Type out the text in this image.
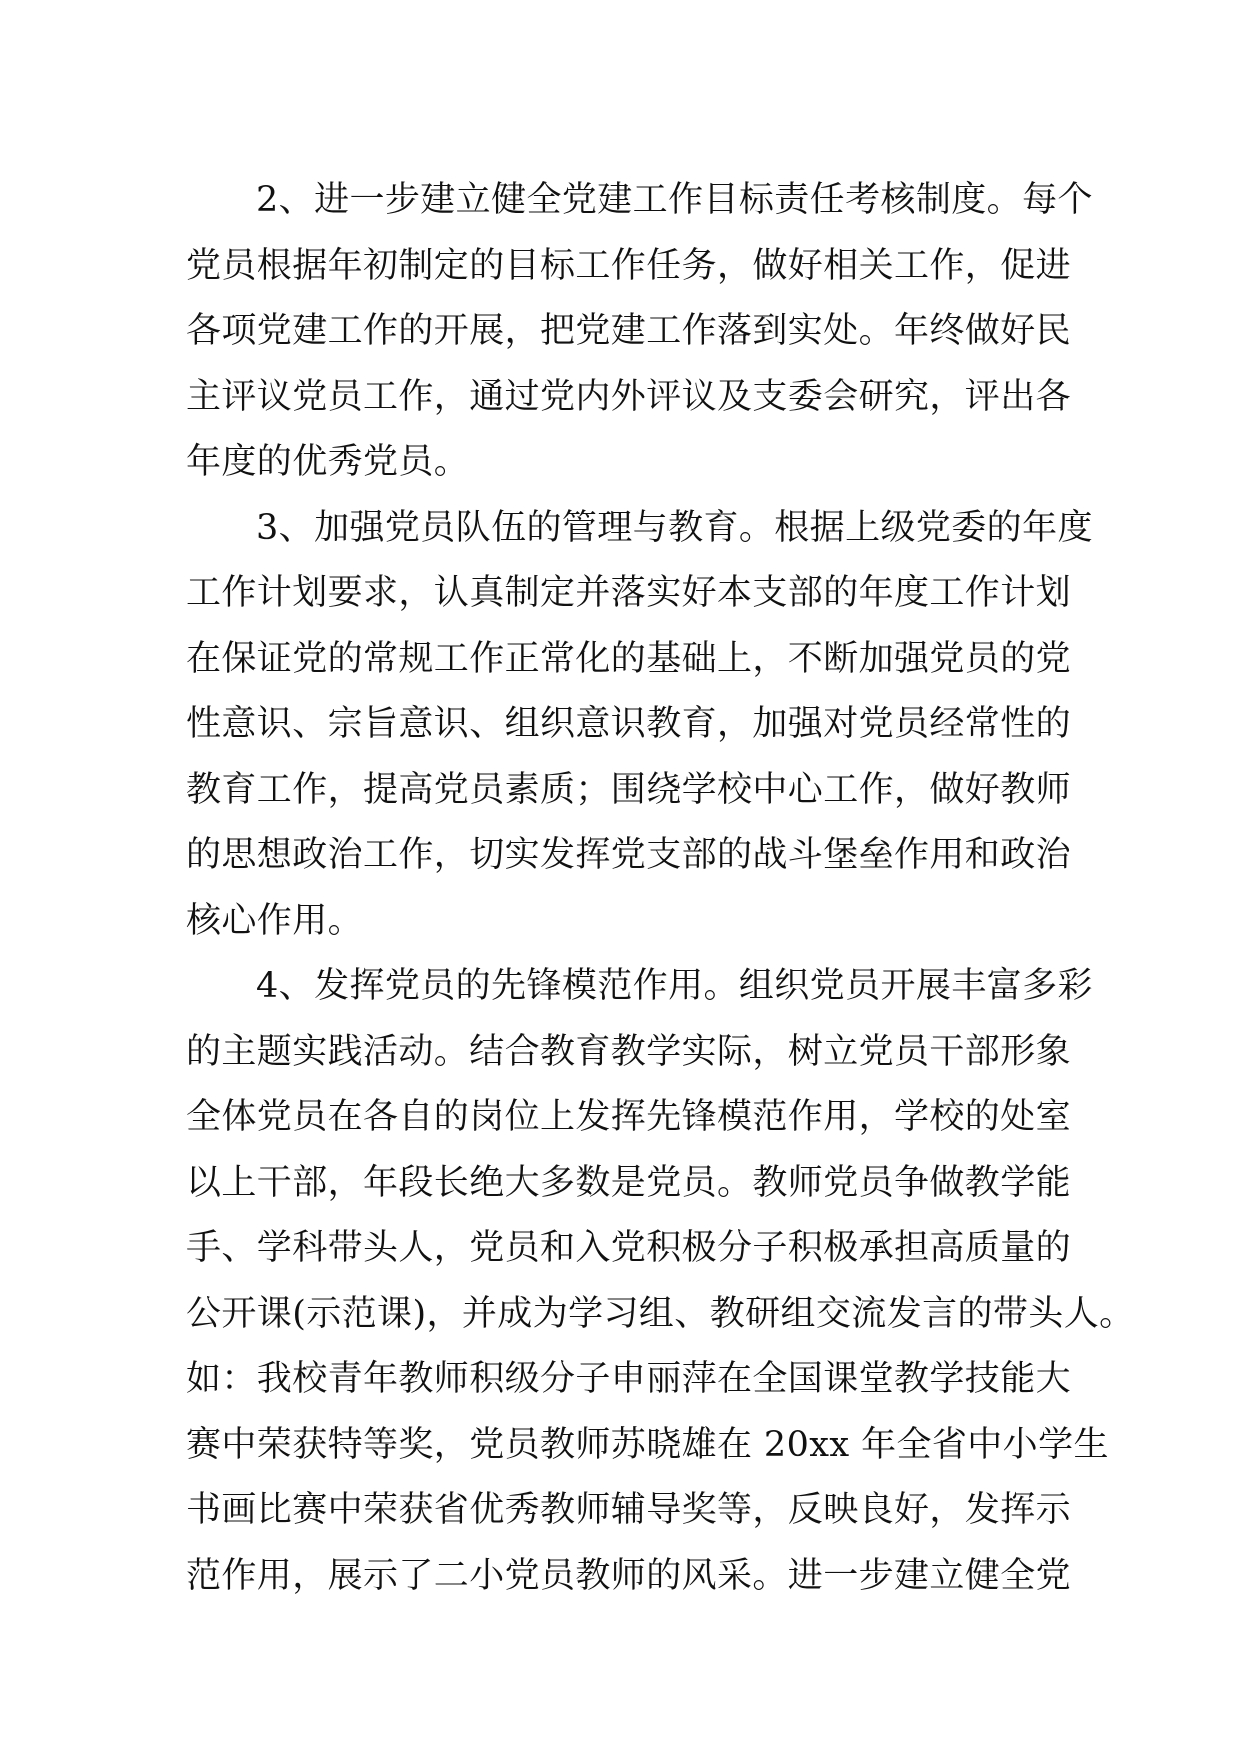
2、进一步建立健全党建工作目标责任考核制度。每个
党员根据年初制定的目标工作任务，做好相关工作，促进
各项党建工作的开展，把党建工作落到实处。年终做好民
主评议党员工作，通过党内外评议及支委会研究，评出各
年度的优秀党员。
3、加强党员队伍的管理与教育。根据上级党委的年度
工作计划要求，认真制定并落实好本支部的年度工作计划
在保证党的常规工作正常化的基础上，不断加强党员的党
性意识、宗旨意识、组织意识教育，加强对党员经常性的
教育工作，提高党员素质；围绕学校中心工作，做好教师
的思想政治工作，切实发挥党支部的战斗堡垒作用和政治
核心作用。
4、发挥党员的先锋模范作用。组织党员开展丰富多彩
的主题实践活动。结合教育教学实际，树立党员干部形象
全体党员在各自的岗位上发挥先锋模范作用，学校的处室
以上干部，年段长绝大多数是党员。教师党员争做教学能
手、学科带头人，党员和入党积极分子积极承担高质量的
公开课(示范课)，并成为学习组、教研组交流发言的带头人。
如：我校青年教师积级分子申丽萍在全国课堂教学技能大
赛中荣获特等奖，党员教师苏晓雄在 20xx 年全省中小学生
书画比赛中荣获省优秀教师辅导奖等，反映良好，发挥示
范作用，展示了二小党员教师的风采。进一步建立健全党
